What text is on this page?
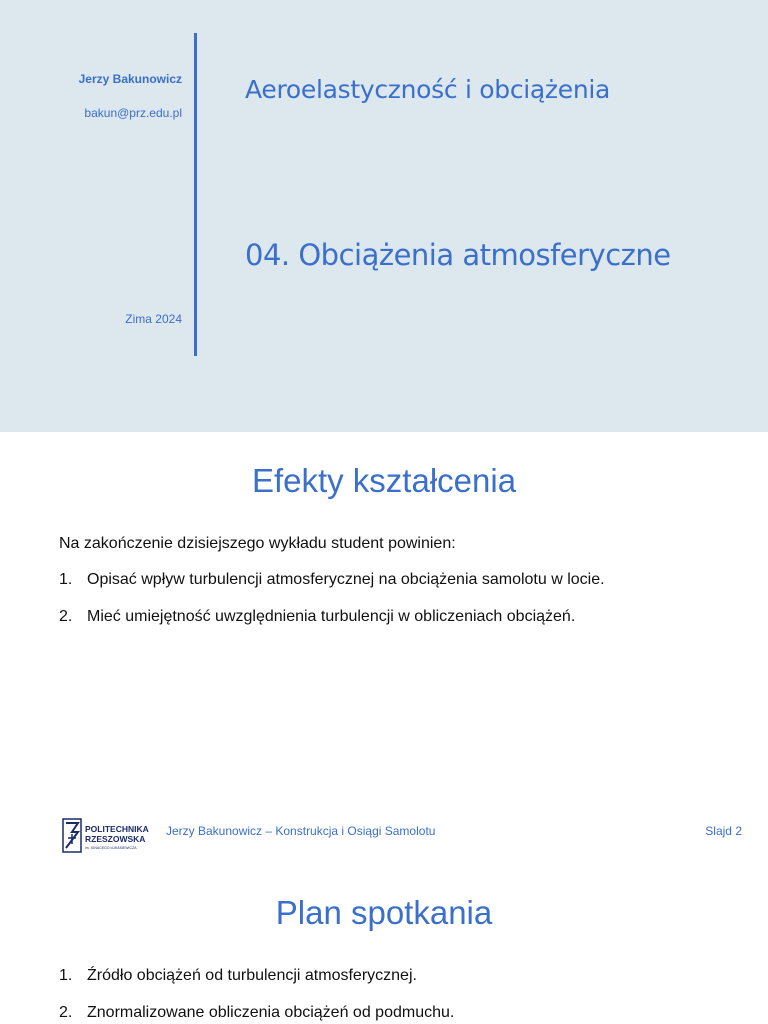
Jerzy Bakunowicz
bakun@prz.edu.pl
Zima 2024
Aeroelastyczność i obciążenia
04. Obciążenia atmosferyczne
Efekty kształcenia
Na zakończenie dzisiejszego wykładu student powinien:
1. Opisać wpływ turbulencji atmosferycznej na obciążenia samolotu w locie.
2. Mieć umiejętność uwzględnienia turbulencji w obliczeniach obciążeń.
POLITECHNIKA
RZESZOWSKA
im. IGNACEGO ŁUKASIEWICZA
Jerzy Bakunowicz – Konstrukcja i Osiągi Samolotu	Slajd 2
Plan spotkania
1. Źródło obciążeń od turbulencji atmosferycznej.
2. Znormalizowane obliczenia obciążeń od podmuchu.
